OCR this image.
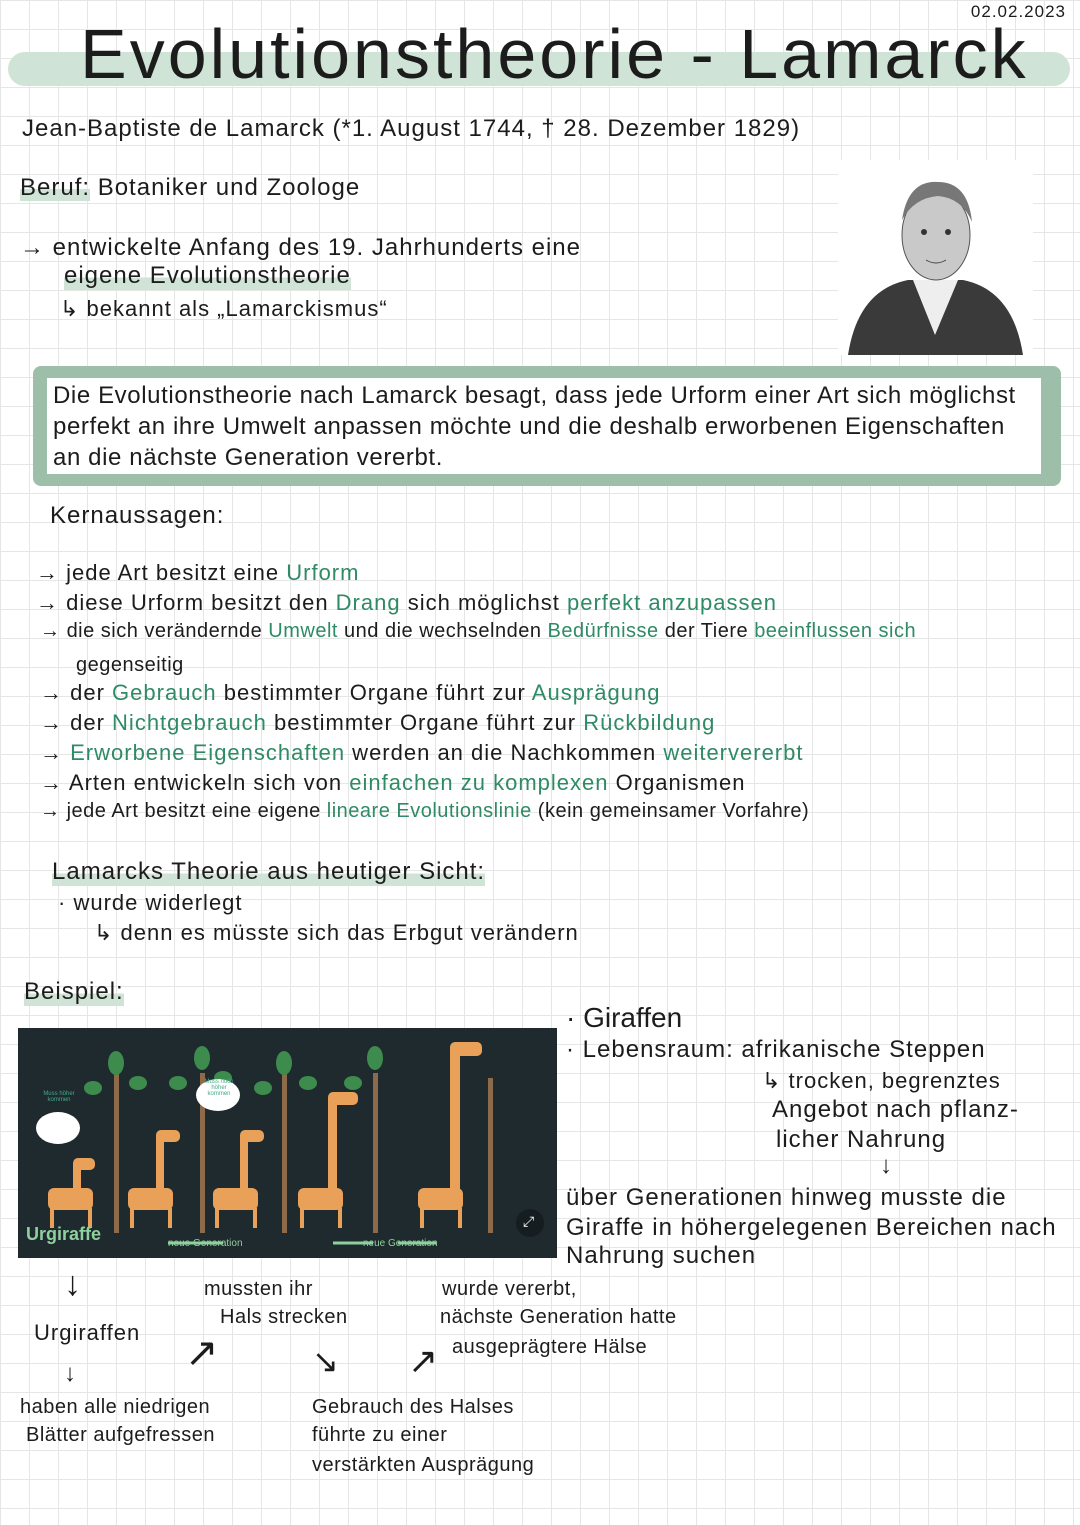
Evolutionstheorie - Lamarck
02.02.2023
Jean-Baptiste de Lamarck (*1. August 1744, † 28. Dezember 1829)
Beruf: Botaniker und Zoologe
→ entwickelte Anfang des 19. Jahrhunderts eine
eigene Evolutionstheorie
↳ bekannt als „Lamarckismus“
Die Evolutionstheorie nach Lamarck besagt, dass jede Urform einer Art sich möglichst perfekt an ihre Umwelt anpassen möchte und die deshalb erworbenen Eigenschaften an die nächste Generation vererbt.
Kernaussagen:
→ jede Art besitzt eine Urform
→ diese Urform besitzt den Drang sich möglichst perfekt anzupassen
→ die sich verändernde Umwelt und die wechselnden Bedürfnisse der Tiere beeinflussen sich
→ der Gebrauch bestimmter Organe führt zur Ausprägung
→ der Nichtgebrauch bestimmter Organe führt zur Rückbildung
→ Erworbene Eigenschaften werden an die Nachkommen weitervererbt
→ Arten entwickeln sich von einfachen zu komplexen Organismen
→ jede Art besitzt eine eigene lineare Evolutionslinie (kein gemeinsamer Vorfahre)
gegenseitig
Lamarcks Theorie aus heutiger Sicht:
· wurde widerlegt
↳ denn es müsste sich das Erbgut verändern
Beispiel:
Muss höher kommen
Muss noch höher kommen
Urgiraffe	neue Generation	neue Generation
⤢
· Giraffen
· Lebensraum: afrikanische Steppen
↳ trocken, begrenztes
Angebot nach pflanz-
licher Nahrung
↓
über Generationen hinweg musste die
Giraffe in höhergelegenen Bereichen nach
Nahrung suchen
↓
Urgiraffen
↓
haben alle niedrigen
Blätter aufgefressen
↗
mussten ihr
Hals strecken
↘
Gebrauch des Halses
führte zu einer
verstärkten Ausprägung
↗
wurde vererbt,
nächste Generation hatte
ausgeprägtere Hälse
